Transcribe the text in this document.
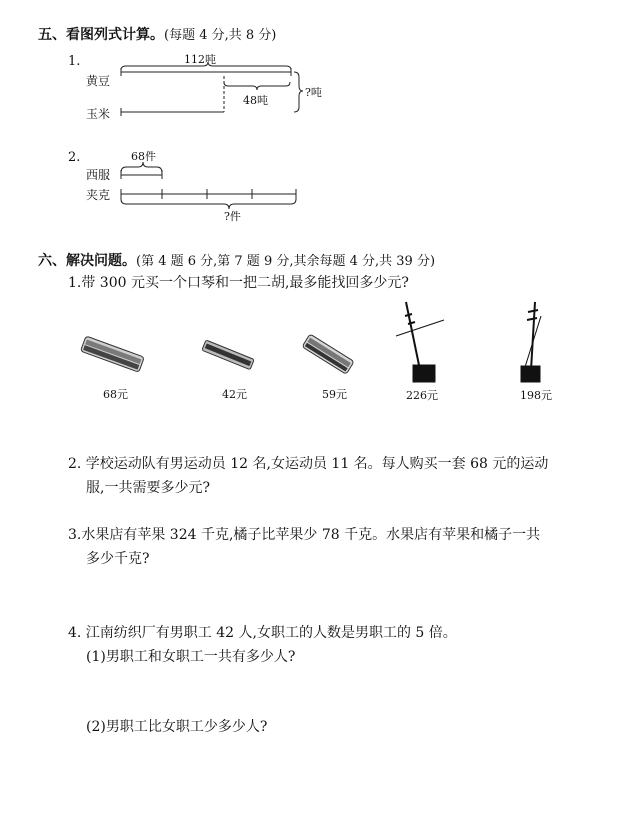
五、看图列式计算。(每题 4 分,共 8 分)
1.	112吨
黄豆
玉米
48吨
?吨
2.	68件
西服
夹克
?件
六、解决问题。(第 4 题 6 分,第 7 题 9 分,其余每题 4 分,共 39 分)
1.带 300 元买一个口琴和一把二胡,最多能找回多少元?
68元	42元	59元	226元	198元
2. 学校运动队有男运动员 12 名,女运动员 11 名。每人购买一套 68 元的运动
服,一共需要多少元?
3.水果店有苹果 324 千克,橘子比苹果少 78 千克。水果店有苹果和橘子一共
多少千克?
4. 江南纺织厂有男职工 42 人,女职工的人数是男职工的 5 倍。
(1)男职工和女职工一共有多少人?
(2)男职工比女职工少多少人?
